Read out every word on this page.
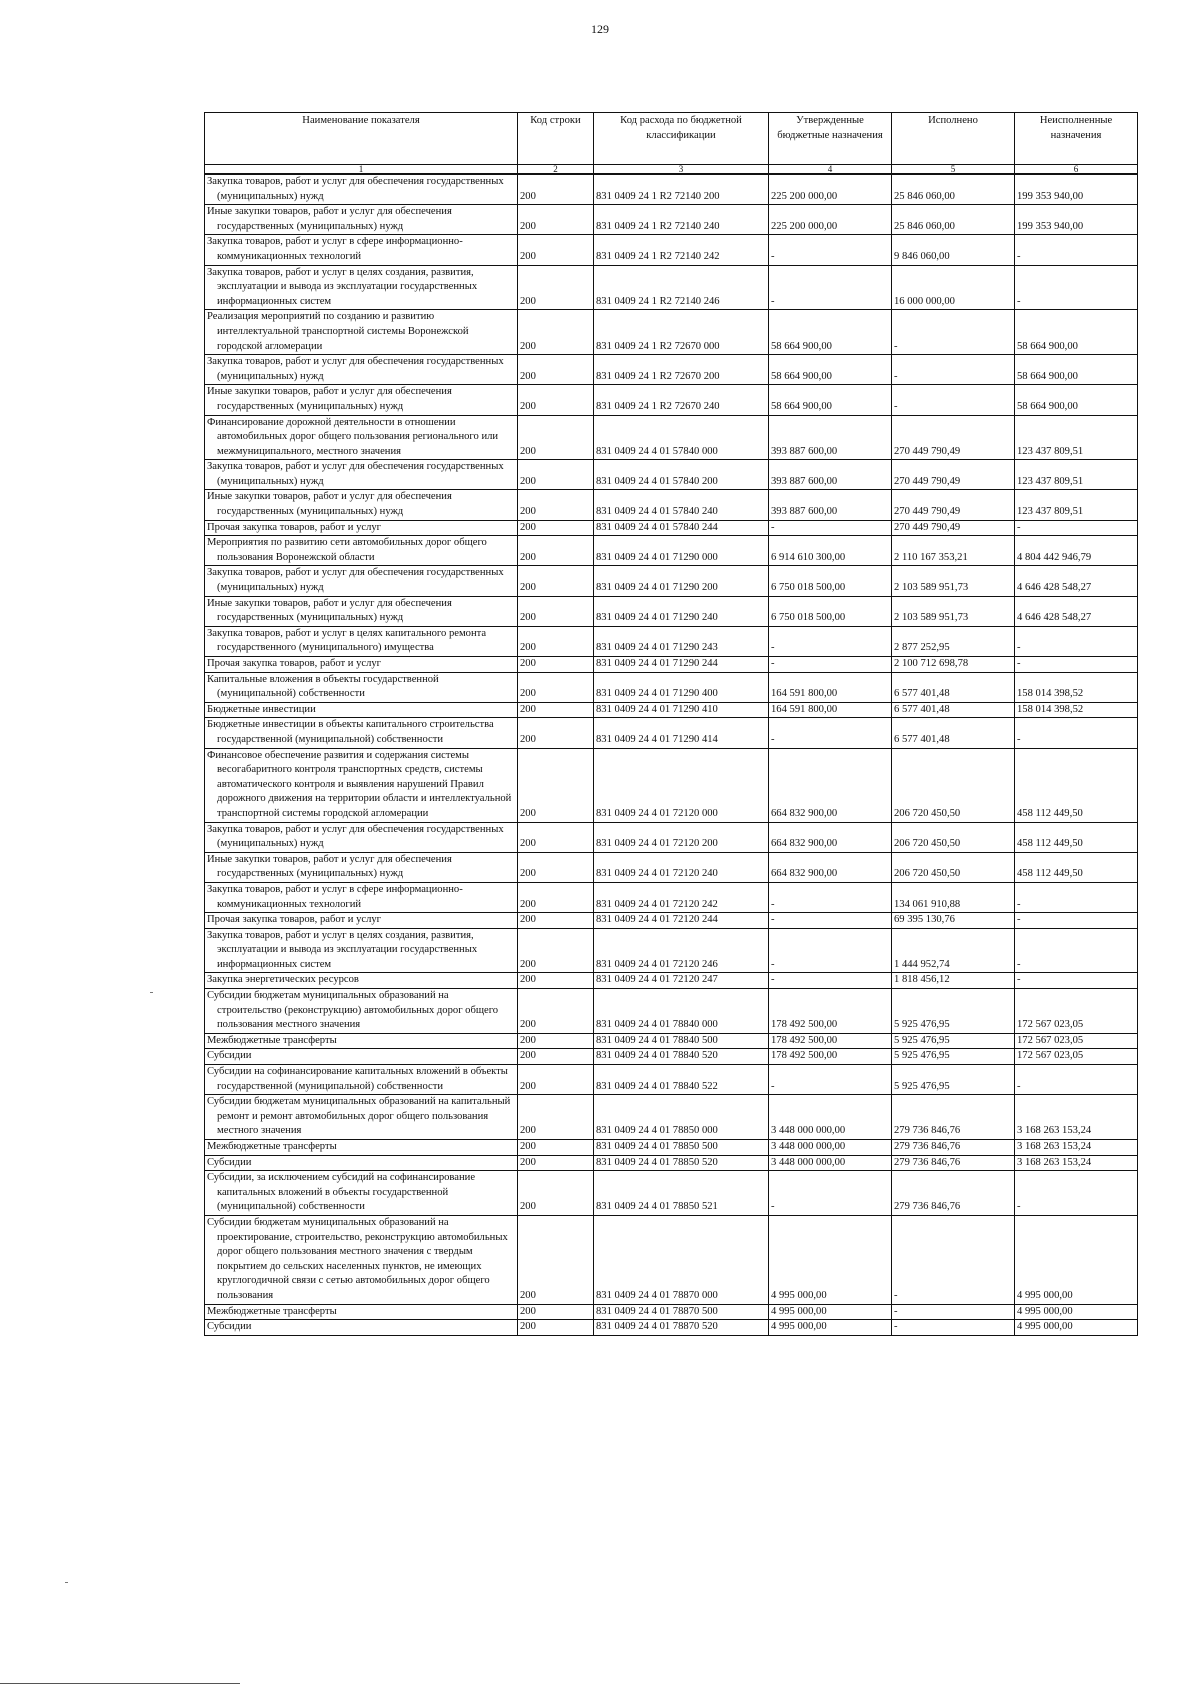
129
Наименование показателя	Код строки	Код расхода по бюджетной классификации	Утвержденные бюджетные назначения	Исполнено	Неисполненные назначения
1	2	3	4	5	6
Закупка товаров, работ и услуг для обеспечения государственных (муниципальных) нужд	200	831 0409 24 1 R2 72140 200	225 200 000,00	25 846 060,00	199 353 940,00
Иные закупки товаров, работ и услуг для обеспечения государственных (муниципальных) нужд	200	831 0409 24 1 R2 72140 240	225 200 000,00	25 846 060,00	199 353 940,00
Закупка товаров, работ и услуг в сфере информационно-коммуникационных технологий	200	831 0409 24 1 R2 72140 242	-	9 846 060,00	-
Закупка товаров, работ и услуг в целях создания, развития, эксплуатации и вывода из эксплуатации государственных информационных систем	200	831 0409 24 1 R2 72140 246	-	16 000 000,00	-
Реализация мероприятий по созданию и развитию интеллектуальной транспортной системы Воронежской городской агломерации	200	831 0409 24 1 R2 72670 000	58 664 900,00	-	58 664 900,00
Закупка товаров, работ и услуг для обеспечения государственных (муниципальных) нужд	200	831 0409 24 1 R2 72670 200	58 664 900,00	-	58 664 900,00
Иные закупки товаров, работ и услуг для обеспечения государственных (муниципальных) нужд	200	831 0409 24 1 R2 72670 240	58 664 900,00	-	58 664 900,00
Финансирование дорожной деятельности в отношении автомобильных дорог общего пользования регионального или межмуниципального, местного значения	200	831 0409 24 4 01 57840 000	393 887 600,00	270 449 790,49	123 437 809,51
Закупка товаров, работ и услуг для обеспечения государственных (муниципальных) нужд	200	831 0409 24 4 01 57840 200	393 887 600,00	270 449 790,49	123 437 809,51
Иные закупки товаров, работ и услуг для обеспечения государственных (муниципальных) нужд	200	831 0409 24 4 01 57840 240	393 887 600,00	270 449 790,49	123 437 809,51
Прочая закупка товаров, работ и услуг	200	831 0409 24 4 01 57840 244	-	270 449 790,49	-
Мероприятия по развитию сети автомобильных дорог общего пользования Воронежской области	200	831 0409 24 4 01 71290 000	6 914 610 300,00	2 110 167 353,21	4 804 442 946,79
Закупка товаров, работ и услуг для обеспечения государственных (муниципальных) нужд	200	831 0409 24 4 01 71290 200	6 750 018 500,00	2 103 589 951,73	4 646 428 548,27
Иные закупки товаров, работ и услуг для обеспечения государственных (муниципальных) нужд	200	831 0409 24 4 01 71290 240	6 750 018 500,00	2 103 589 951,73	4 646 428 548,27
Закупка товаров, работ и услуг в целях капитального ремонта государственного (муниципального) имущества	200	831 0409 24 4 01 71290 243	-	2 877 252,95	-
Прочая закупка товаров, работ и услуг	200	831 0409 24 4 01 71290 244	-	2 100 712 698,78	-
Капитальные вложения в объекты государственной (муниципальной) собственности	200	831 0409 24 4 01 71290 400	164 591 800,00	6 577 401,48	158 014 398,52
Бюджетные инвестиции	200	831 0409 24 4 01 71290 410	164 591 800,00	6 577 401,48	158 014 398,52
Бюджетные инвестиции в объекты капитального строительства государственной (муниципальной) собственности	200	831 0409 24 4 01 71290 414	-	6 577 401,48	-
Финансовое обеспечение развития и содержания системы весогабаритного контроля транспортных средств, системы автоматического контроля и выявления нарушений Правил дорожного движения на территории области и интеллектуальной транспортной системы городской агломерации	200	831 0409 24 4 01 72120 000	664 832 900,00	206 720 450,50	458 112 449,50
Закупка товаров, работ и услуг для обеспечения государственных (муниципальных) нужд	200	831 0409 24 4 01 72120 200	664 832 900,00	206 720 450,50	458 112 449,50
Иные закупки товаров, работ и услуг для обеспечения государственных (муниципальных) нужд	200	831 0409 24 4 01 72120 240	664 832 900,00	206 720 450,50	458 112 449,50
Закупка товаров, работ и услуг в сфере информационно-коммуникационных технологий	200	831 0409 24 4 01 72120 242	-	134 061 910,88	-
Прочая закупка товаров, работ и услуг	200	831 0409 24 4 01 72120 244	-	69 395 130,76	-
Закупка товаров, работ и услуг в целях создания, развития, эксплуатации и вывода из эксплуатации государственных информационных систем	200	831 0409 24 4 01 72120 246	-	1 444 952,74	-
Закупка энергетических ресурсов	200	831 0409 24 4 01 72120 247	-	1 818 456,12	-
Субсидии бюджетам муниципальных образований на строительство (реконструкцию) автомобильных дорог общего пользования местного значения	200	831 0409 24 4 01 78840 000	178 492 500,00	5 925 476,95	172 567 023,05
Межбюджетные трансферты	200	831 0409 24 4 01 78840 500	178 492 500,00	5 925 476,95	172 567 023,05
Субсидии	200	831 0409 24 4 01 78840 520	178 492 500,00	5 925 476,95	172 567 023,05
Субсидии на софинансирование капитальных вложений в объекты государственной (муниципальной) собственности	200	831 0409 24 4 01 78840 522	-	5 925 476,95	-
Субсидии бюджетам муниципальных образований на капитальный ремонт и ремонт автомобильных дорог общего пользования местного значения	200	831 0409 24 4 01 78850 000	3 448 000 000,00	279 736 846,76	3 168 263 153,24
Межбюджетные трансферты	200	831 0409 24 4 01 78850 500	3 448 000 000,00	279 736 846,76	3 168 263 153,24
Субсидии	200	831 0409 24 4 01 78850 520	3 448 000 000,00	279 736 846,76	3 168 263 153,24
Субсидии, за исключением субсидий на софинансирование капитальных вложений в объекты государственной (муниципальной) собственности	200	831 0409 24 4 01 78850 521	-	279 736 846,76	-
Субсидии бюджетам муниципальных образований на проектирование, строительство, реконструкцию автомобильных дорог общего пользования местного значения с твердым покрытием до сельских населенных пунктов, не имеющих круглогодичной связи с сетью автомобильных дорог общего пользования	200	831 0409 24 4 01 78870 000	4 995 000,00	-	4 995 000,00
Межбюджетные трансферты	200	831 0409 24 4 01 78870 500	4 995 000,00	-	4 995 000,00
Субсидии	200	831 0409 24 4 01 78870 520	4 995 000,00	-	4 995 000,00
